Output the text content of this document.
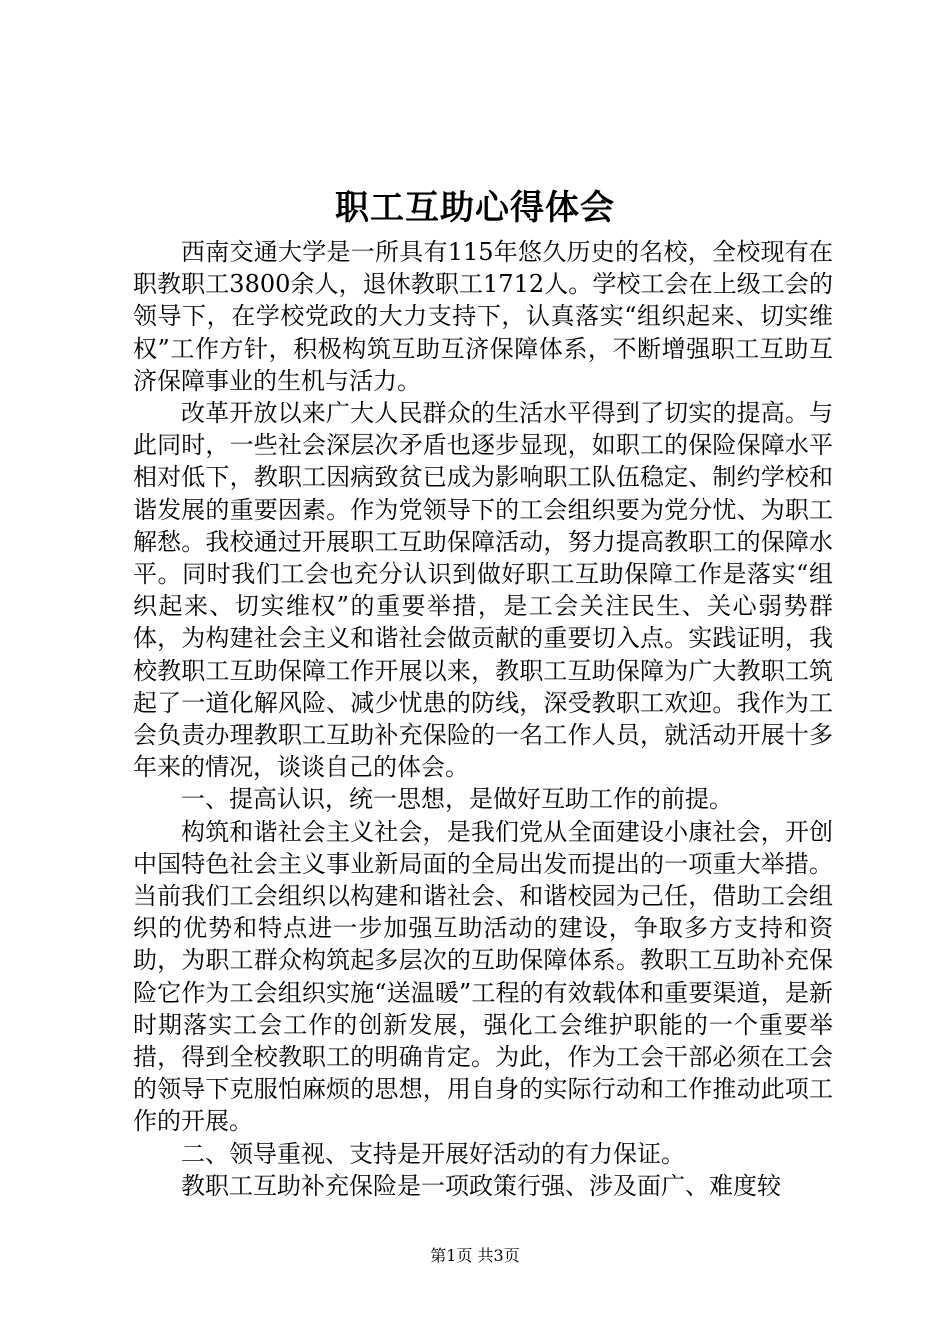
职工互助心得体会

西南交通大学是一所具有115年悠久历史的名校，全校现有在职教职工3800余人，退休教职工1712人。学校工会在上级工会的领导下，在学校党政的大力支持下，认真落实“组织起来、切实维权”工作方针，积极构筑互助互济保障体系，不断增强职工互助互济保障事业的生机与活力。

改革开放以来广大人民群众的生活水平得到了切实的提高。与此同时，一些社会深层次矛盾也逐步显现，如职工的保险保障水平相对低下，教职工因病致贫已成为影响职工队伍稳定、制约学校和谐发展的重要因素。作为党领导下的工会组织要为党分忧、为职工解愁。我校通过开展职工互助保障活动，努力提高教职工的保障水平。同时我们工会也充分认识到做好职工互助保障工作是落实“组织起来、切实维权”的重要举措，是工会关注民生、关心弱势群体，为构建社会主义和谐社会做贡献的重要切入点。实践证明，我校教职工互助保障工作开展以来，教职工互助保障为广大教职工筑起了一道化解风险、减少忧患的防线，深受教职工欢迎。我作为工会负责办理教职工互助补充保险的一名工作人员，就活动开展十多年来的情况，谈谈自己的体会。

一、提高认识，统一思想，是做好互助工作的前提。

构筑和谐社会主义社会，是我们党从全面建设小康社会，开创中国特色社会主义事业新局面的全局出发而提出的一项重大举措。当前我们工会组织以构建和谐社会、和谐校园为己任，借助工会组织的优势和特点进一步加强互助活动的建设，争取多方支持和资助，为职工群众构筑起多层次的互助保障体系。教职工互助补充保险它作为工会组织实施“送温暖”工程的有效载体和重要渠道，是新时期落实工会工作的创新发展，强化工会维护职能的一个重要举措，得到全校教职工的明确肯定。为此，作为工会干部必须在工会的领导下克服怕麻烦的思想，用自身的实际行动和工作推动此项工作的开展。

二、领导重视、支持是开展好活动的有力保证。

教职工互助补充保险是一项政策行强、涉及面广、难度较

第1页 共3页
